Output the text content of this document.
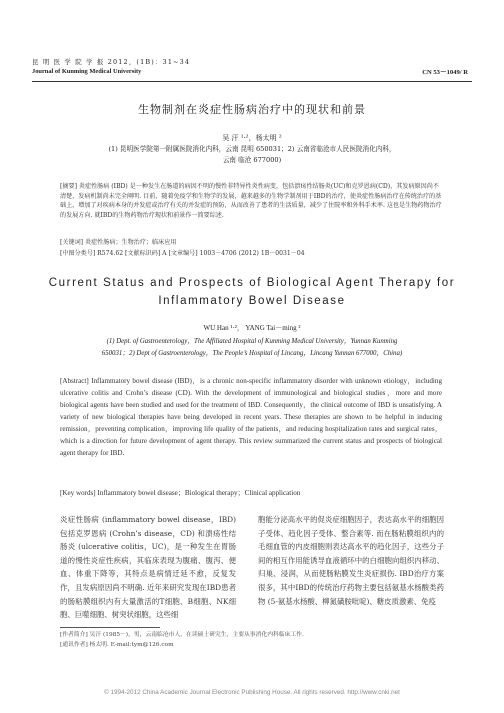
昆 明 医 学 院 学 报 2012，(1B)：31~34
Journal of Kunming Medical University	CN 53－1049/ R
生物制剂在炎症性肠病治疗中的现状和前景
吴 汗 ¹·²，杨太明 ²
(1) 昆明医学院第一附属医院消化内科，云南 昆明 650031；2) 云南省临沧市人民医院消化内科，
云南 临沧 677000)
[摘要] 炎症性肠病 (IBD) 是一种发生在肠道的病因不明的慢性非特异性炎性病变，包括溃疡性结肠炎(UC)和克罗恩病(CD)，其发病原因尚不清楚，发病机制尚未完全阐明. 目前，随着免疫学和生物学的发展，越来越多的生物学制剂用于IBD的治疗，使炎症性肠病治疗在传统治疗的基础上，增加了对疾病本身的并发症或治疗有关的并发症的预防，从而改善了患者的生活质量，减少了住院率和外科手术率. 这也是生物药物治疗的发展方向. 就IBD的生物药物治疗现状和前景作一简要综述.
[关键词] 炎症性肠病；生物治疗；临床应用
[中图分类号] R574.62 [文献标识码] A [文章编号] 1003－4706 (2012) 1B－0031－04
Current Status and Prospects of Biological Agent Therapy for
Inflammatory Bowel Disease
WU Han ¹·²， YANG Tai－ming ²
(1) Dept. of Gastroenterology，The Affiliated Hospital of Kunming Medical University，Yunnan Kunming
650031；2) Dept of Gastroenterology，The People’s Hospital of Lincang，Lincang Yunnan 677000，China)
[Abstract] Inflammatory bowel disease (IBD)，is a chronic non-specific inflammatory disorder with unknown etiology，including ulcerative colitis and Crohn’s disease (CD). With the development of immunological and biological studies，more and more biological agents have been studied and used for the treatment of IBD. Consequently，the clinical outcome of IBD is unsatisfying. A variety of new biological therapies have being developed in recent years. These therapies are shown to be helpful in inducing remission，preventing complication，improving life quality of the patients，and reducing hospitalization rates and surgical rates，which is a direction for future development of agent therapy. This review summarized the current status and prospects of biological agent therapy for IBD.
[Key words] Inflammatory bowel disease；Biological therapy；Clinical application
炎症性肠病 (inflammatory bowel disease，IBD) 包括克罗恩病 (Crohn’s disease，CD) 和溃疡性结肠炎 (ulcerative colitis，UC)，是一种发生在胃肠道的慢性炎症性疾病，其临床表现为腹痛、腹泻、便血、体重下降等，其特点是病情迁延不愈，反复发作，且发病原因尚不明确. 近年来研究发现在IBD患者的肠粘膜组织内有大量激活的T细胞、B细胞、NK细胞、巨噬细胞、树突状细胞，这些细
胞能分泌高水平的促炎症细胞因子，表达高水平的细胞因子受体、趋化因子受体、整合素等. 而在肠粘膜组织内的毛细血管的内皮细胞则表达高水平的趋化因子，这些分子间的相互作用能诱导血液循环中的白细胞向组织内移动、归巢、浸润，从而使肠粘膜发生炎症损伤. IBD治疗方案很多，其中IBD的传统治疗药物主要包括氨基水杨酸类药物 (5-氨基水杨酸、柳氮磺胺吡啶)、糖皮质激素、免疫
[作者简介] 吴汗 (1985－)，男，云南临沧市人，在读硕士研究生，主要从事消化内科临床工作.
[通讯作者] 杨太明. E-mail:tym@126.com
© 1994-2012 China Academic Journal Electronic Publishing House. All rights reserved. http://www.cnki.net
